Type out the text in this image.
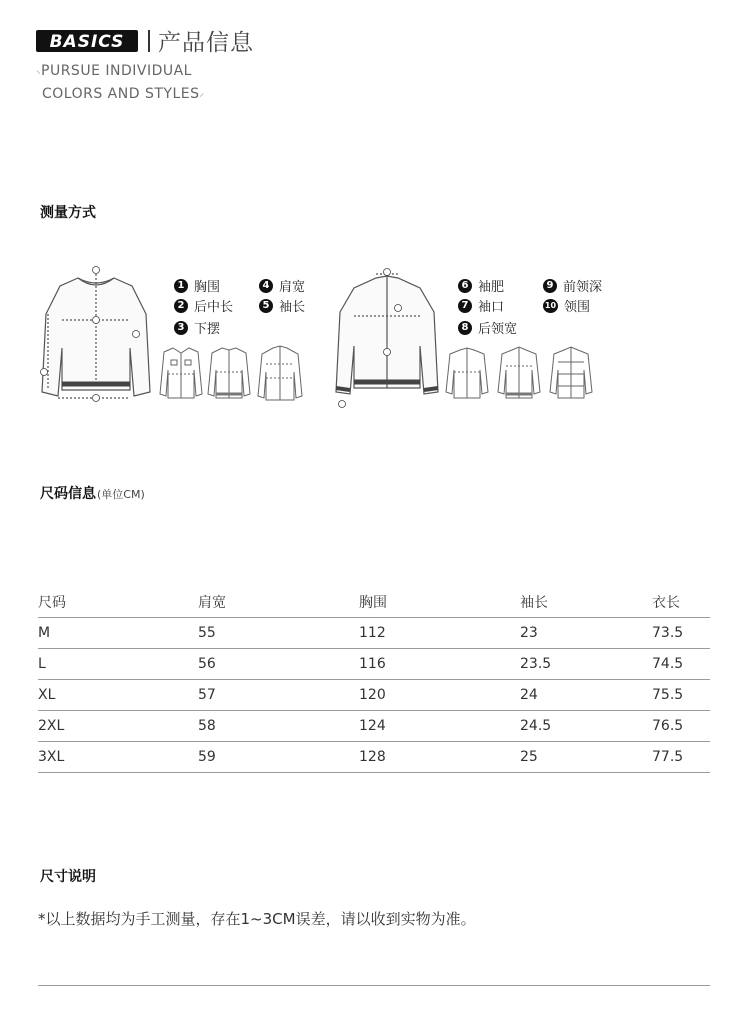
BASICS 产品信息
⸜PURSUE INDIVIDUAL
COLORS AND STYLES⸝
测量方式
1 胸围	4 肩宽
2 后中长	5 袖长
3 下摆
6 袖肥	9 前领深
7 袖口	10 领围
8 后领宽
尺码信息(单位CM)
尺码	肩宽	胸围	袖长	衣长
M	55	112	23	73.5
L	56	116	23.5	74.5
XL	57	120	24	75.5
2XL	58	124	24.5	76.5
3XL	59	128	25	77.5
尺寸说明
*以上数据均为手工测量，存在1~3CM误差，请以收到实物为准。
